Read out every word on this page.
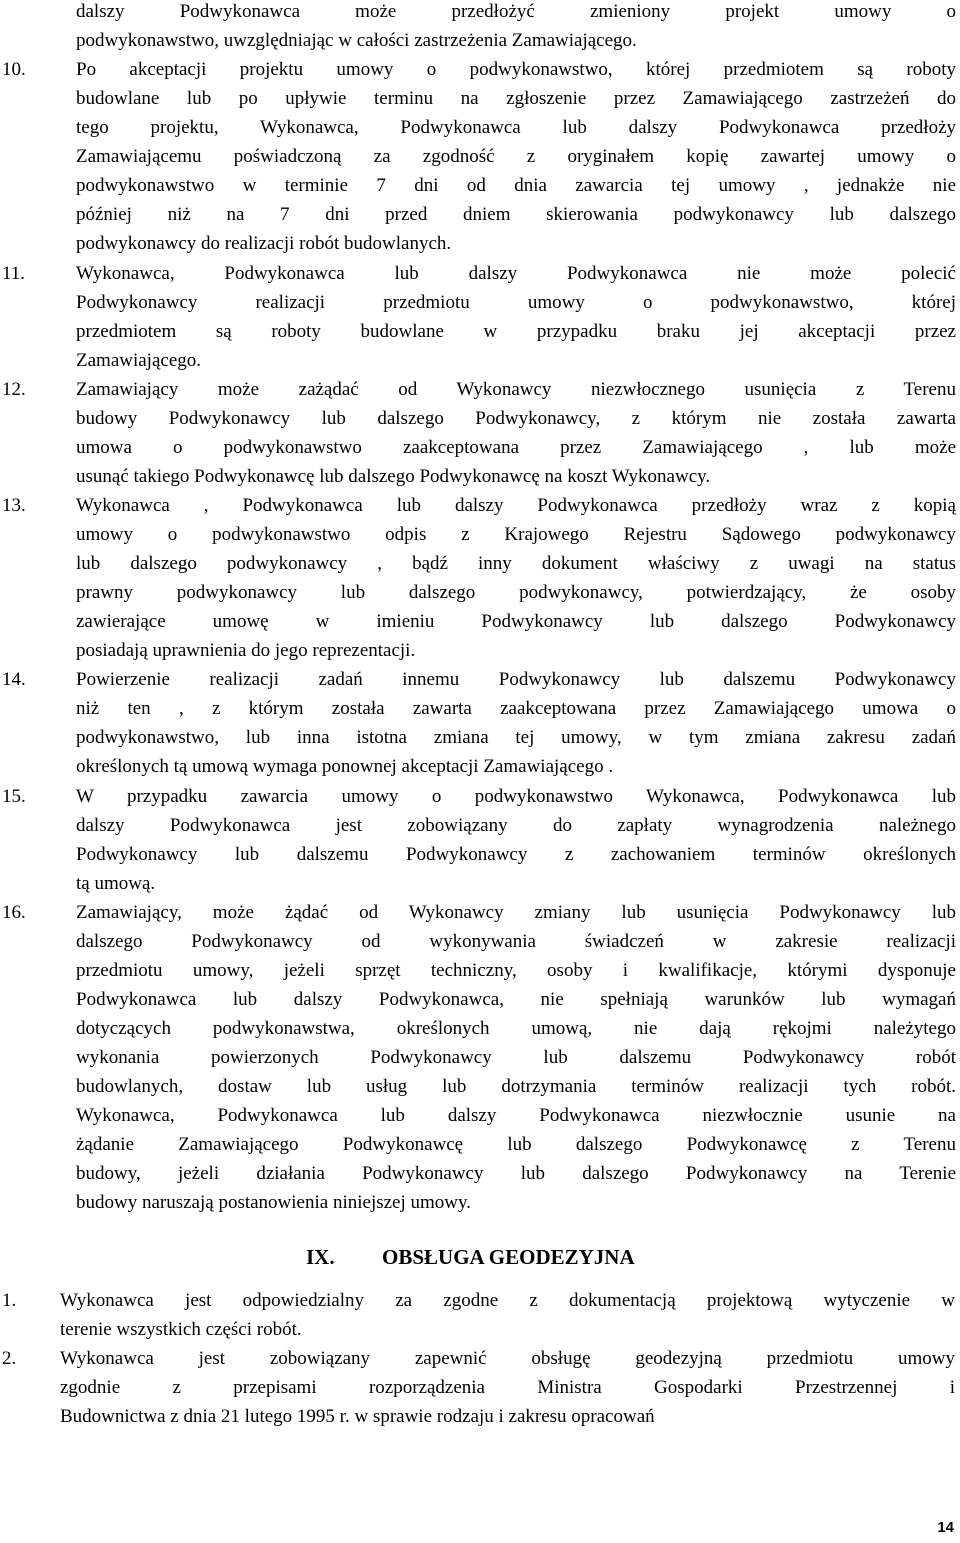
dalszy Podwykonawca może przedłożyć zmieniony projekt umowy o
podwykonawstwo, uwzględniając w całości zastrzeżenia Zamawiającego.
10.	Po akceptacji projektu umowy o podwykonawstwo, której przedmiotem są roboty
budowlane lub po upływie terminu na zgłoszenie przez Zamawiającego zastrzeżeń do
tego projektu, Wykonawca, Podwykonawca lub dalszy Podwykonawca przedłoży
Zamawiającemu poświadczoną za zgodność z oryginałem kopię zawartej umowy o
podwykonawstwo w terminie 7 dni od dnia zawarcia tej umowy , jednakże nie
później niż na 7 dni przed dniem skierowania podwykonawcy lub dalszego
podwykonawcy do realizacji robót budowlanych.
11.	Wykonawca, Podwykonawca lub dalszy Podwykonawca nie może polecić
Podwykonawcy realizacji przedmiotu umowy o podwykonawstwo, której
przedmiotem są roboty budowlane w przypadku braku jej akceptacji przez
Zamawiającego.
12.	Zamawiający może zażądać od Wykonawcy niezwłocznego usunięcia z Terenu
budowy Podwykonawcy lub dalszego Podwykonawcy, z którym nie została zawarta
umowa o podwykonawstwo zaakceptowana przez Zamawiającego , lub może
usunąć takiego Podwykonawcę lub dalszego Podwykonawcę na koszt Wykonawcy.
13.	Wykonawca , Podwykonawca lub dalszy Podwykonawca przedłoży wraz z kopią
umowy o podwykonawstwo odpis z Krajowego Rejestru Sądowego podwykonawcy
lub dalszego podwykonawcy , bądź inny dokument właściwy z uwagi na status
prawny podwykonawcy lub dalszego podwykonawcy, potwierdzający, że osoby
zawierające umowę w imieniu Podwykonawcy lub dalszego Podwykonawcy
posiadają uprawnienia do jego reprezentacji.
14.	Powierzenie realizacji zadań innemu Podwykonawcy lub dalszemu Podwykonawcy
niż ten , z którym została zawarta zaakceptowana przez Zamawiającego umowa o
podwykonawstwo, lub inna istotna zmiana tej umowy, w tym zmiana zakresu zadań
określonych tą umową wymaga ponownej akceptacji Zamawiającego .
15.	W przypadku zawarcia umowy o podwykonawstwo Wykonawca, Podwykonawca lub
dalszy Podwykonawca jest zobowiązany do zapłaty wynagrodzenia należnego
Podwykonawcy lub dalszemu Podwykonawcy z zachowaniem terminów określonych
tą umową.
16.	Zamawiający, może żądać od Wykonawcy zmiany lub usunięcia Podwykonawcy lub
dalszego Podwykonawcy od wykonywania świadczeń w zakresie realizacji
przedmiotu umowy, jeżeli sprzęt techniczny, osoby i kwalifikacje, którymi dysponuje
Podwykonawca lub dalszy Podwykonawca, nie spełniają warunków lub wymagań
dotyczących podwykonawstwa, określonych umową, nie dają rękojmi należytego
wykonania powierzonych Podwykonawcy lub dalszemu Podwykonawcy robót
budowlanych, dostaw lub usług lub dotrzymania terminów realizacji tych robót.
Wykonawca, Podwykonawca lub dalszy Podwykonawca niezwłocznie usunie na
żądanie Zamawiającego Podwykonawcę lub dalszego Podwykonawcę z Terenu
budowy, jeżeli działania Podwykonawcy lub dalszego Podwykonawcy na Terenie
budowy naruszają postanowienia niniejszej umowy.
IX. OBSŁUGA GEODEZYJNA
1. Wykonawca jest odpowiedzialny za zgodne z dokumentacją projektową wytyczenie w
terenie wszystkich części robót.
2. Wykonawca jest zobowiązany zapewnić obsługę geodezyjną przedmiotu umowy
zgodnie z przepisami rozporządzenia Ministra Gospodarki Przestrzennej i
Budownictwa z dnia 21 lutego 1995 r. w sprawie rodzaju i zakresu opracowań
14
